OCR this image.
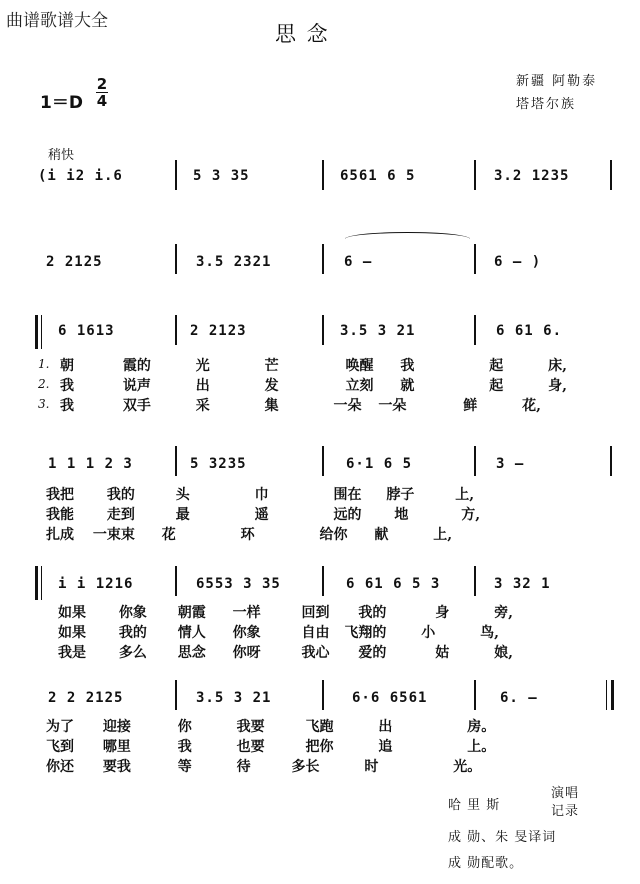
曲谱歌谱大全
思 念
新疆 阿勒泰
塔塔尔族
1＝D
2
4
稍快
(i i2 i.6	5 3 35	6561 6 5	3.2 1235
2 2125	3.5 2321	6 –	6 – )
6 1613	2 2123	3.5 3 21	6 61 6.
1.
2.
3.
朝	霞的	光	芒	唤醒 我	起	床,
我	说声	出	发	立刻 就	起	身,
我	双手	采	集	一朵 一朵	鲜	花,
1 1 1 2 3	5 3235	6·1 6 5	3 –
我把 我的	头	巾	围在 脖子	上,
我能 走到	最	遥	远的 地	方,
扎成 一束束 花	环	给你 献	上,
i i 1216	6553 3 35	6 61 6 5 3	3 32 1
如果 你象 朝霞 一样	回到 我的	身	旁,
如果 我的 情人 你象	自由 飞翔的 小	鸟,
我是 多么 思念 你呀	我心 爱的	姑	娘,
2 2 2125	3.5 3 21	6·6 6561	6. –
为了 迎接	你	我要	飞跑	出	房。
飞到 哪里	我	也要	把你	追	上。
你还 要我	等	待	多长	时	光。
哈 里 斯
演唱
记录
成 勋、朱 旻译词
成 勋配歌。
